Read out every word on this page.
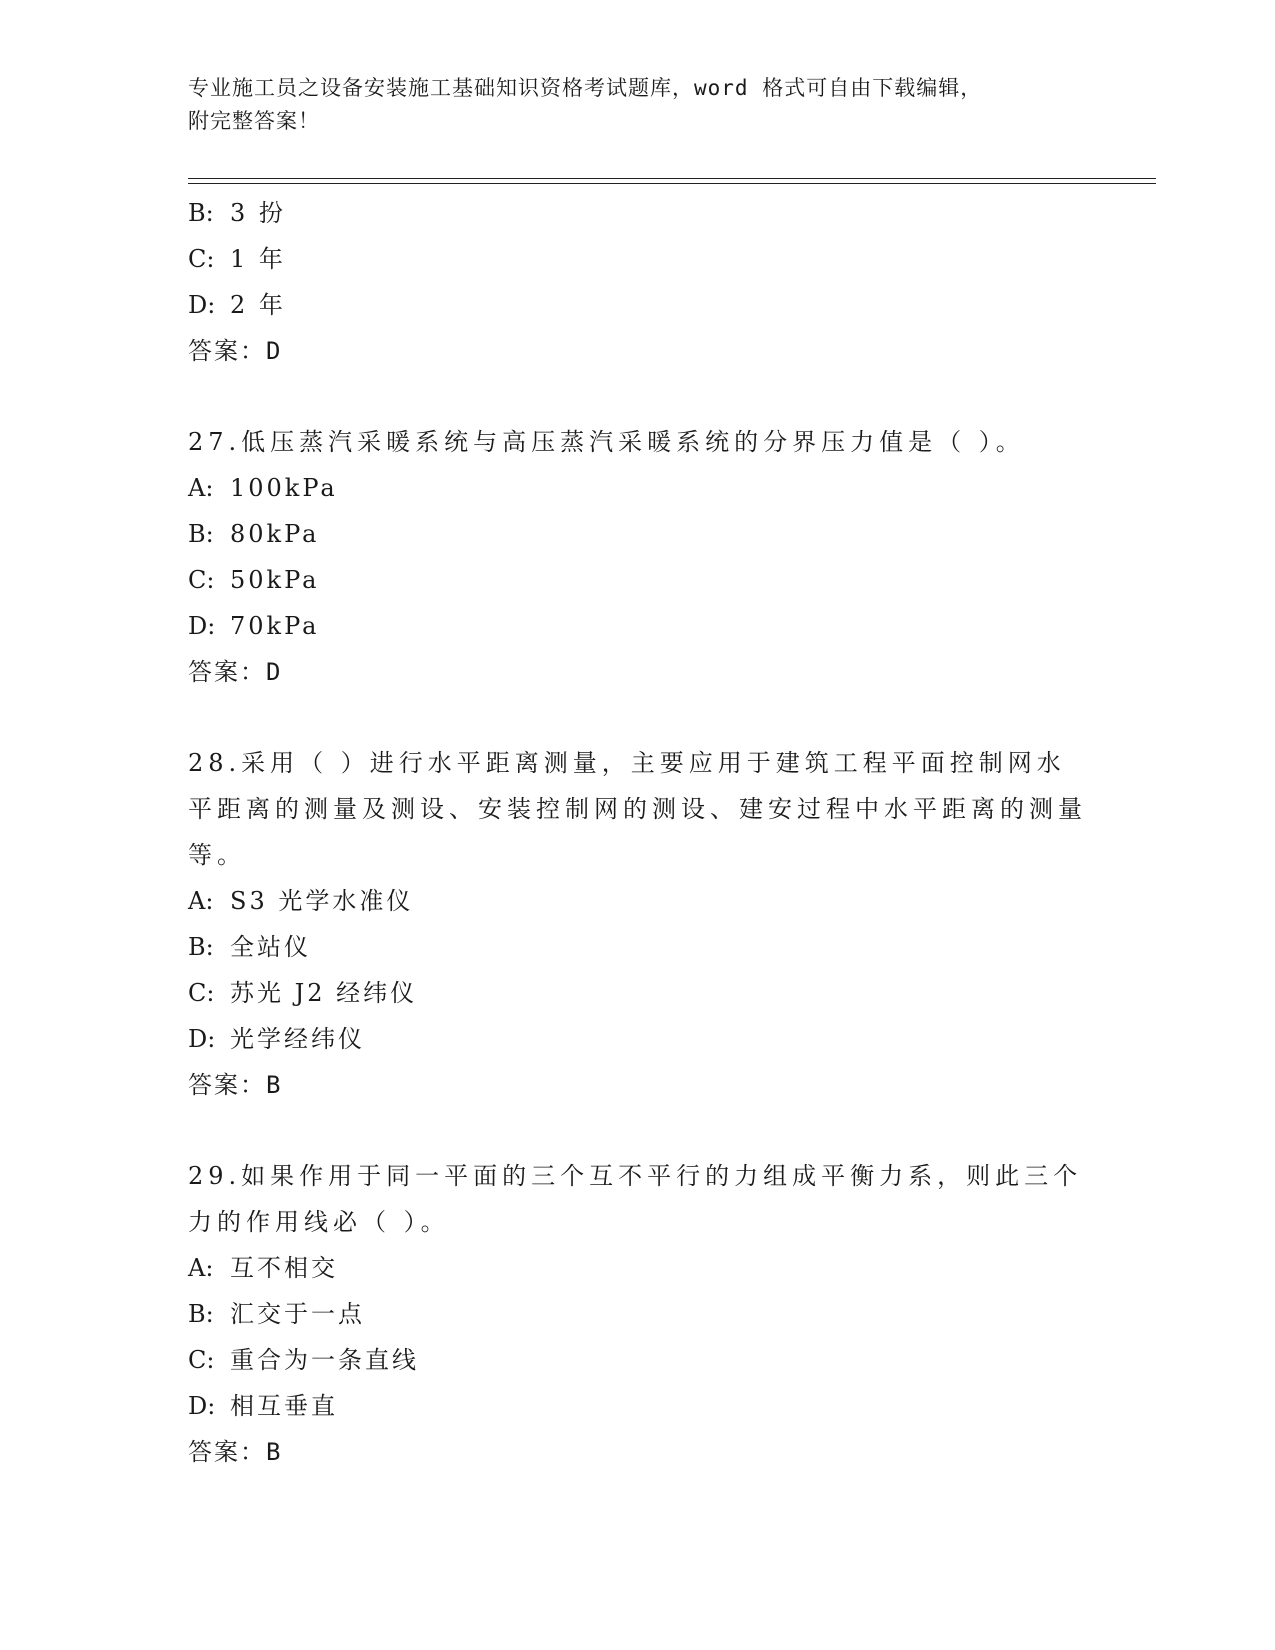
专业施工员之设备安装施工基础知识资格考试题库，word 格式可自由下载编辑，
附完整答案！
B: 3 扮
C: 1 年
D: 2 年
答案：D
27.低压蒸汽采暖系统与高压蒸汽采暖系统的分界压力值是（ ）。
A: 100kPa
B: 80kPa
C: 50kPa
D: 70kPa
答案：D
28.采用（ ）进行水平距离测量，主要应用于建筑工程平面控制网水平距离的测量及测设、安装控制网的测设、建安过程中水平距离的测量等。
A: S3 光学水准仪
B: 全站仪
C: 苏光 J2 经纬仪
D: 光学经纬仪
答案：B
29.如果作用于同一平面的三个互不平行的力组成平衡力系，则此三个力的作用线必（ ）。
A: 互不相交
B: 汇交于一点
C: 重合为一条直线
D: 相互垂直
答案：B
